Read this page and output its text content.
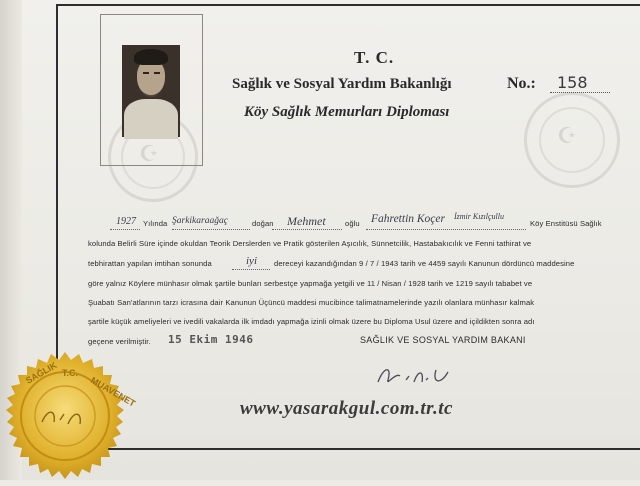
☪
☪
T. C.
Sağlık ve Sosyal Yardım Bakanlığı
Köy Sağlık Memurları Diploması
No.: 158
1927 Yılında Şarkikaraağaç	doğan Mehmet	oğlu Fahrettin Koçer İzmir Kızılçullu
Köy Enstitüsü Sağlık
kolunda Belirli Süre içinde okuldan Teorik Derslerden ve Pratik gösterilen Aşıcılık, Sünnetcilik, Hastabakıcılık ve Fenni tathirat ve
tebhirattan yapılan imtihan sonunda	iyi dereceyi kazandığından 9 / 7 / 1943 tarih ve 4459 sayılı Kanunun dördüncü maddesine
göre yalnız Köylere münhasır olmak şartile bunları serbestçe yapmağa yetgili ve 11 / Nisan / 1928 tarih ve 1219 sayılı tababet ve
Şuabatı San'atlarının tarzı icrasına dair Kanunun Üçüncü maddesi mucibince talimatnamelerinde yazılı olanlara münhasır kalmak
şartile küçük ameliyeleri ve ivedili vakalarda ilk imdadı yapmağa izinli olmak üzere bu Diploma Usul üzere and içildikten sonra adı
geçene verilmiştir. 15 Ekim 1946	SAĞLIK VE SOSYAL YARDIM BAKANI
www.yasarakgul.com.tr.tc
SAĞLIK T.C.
MUAVENET
